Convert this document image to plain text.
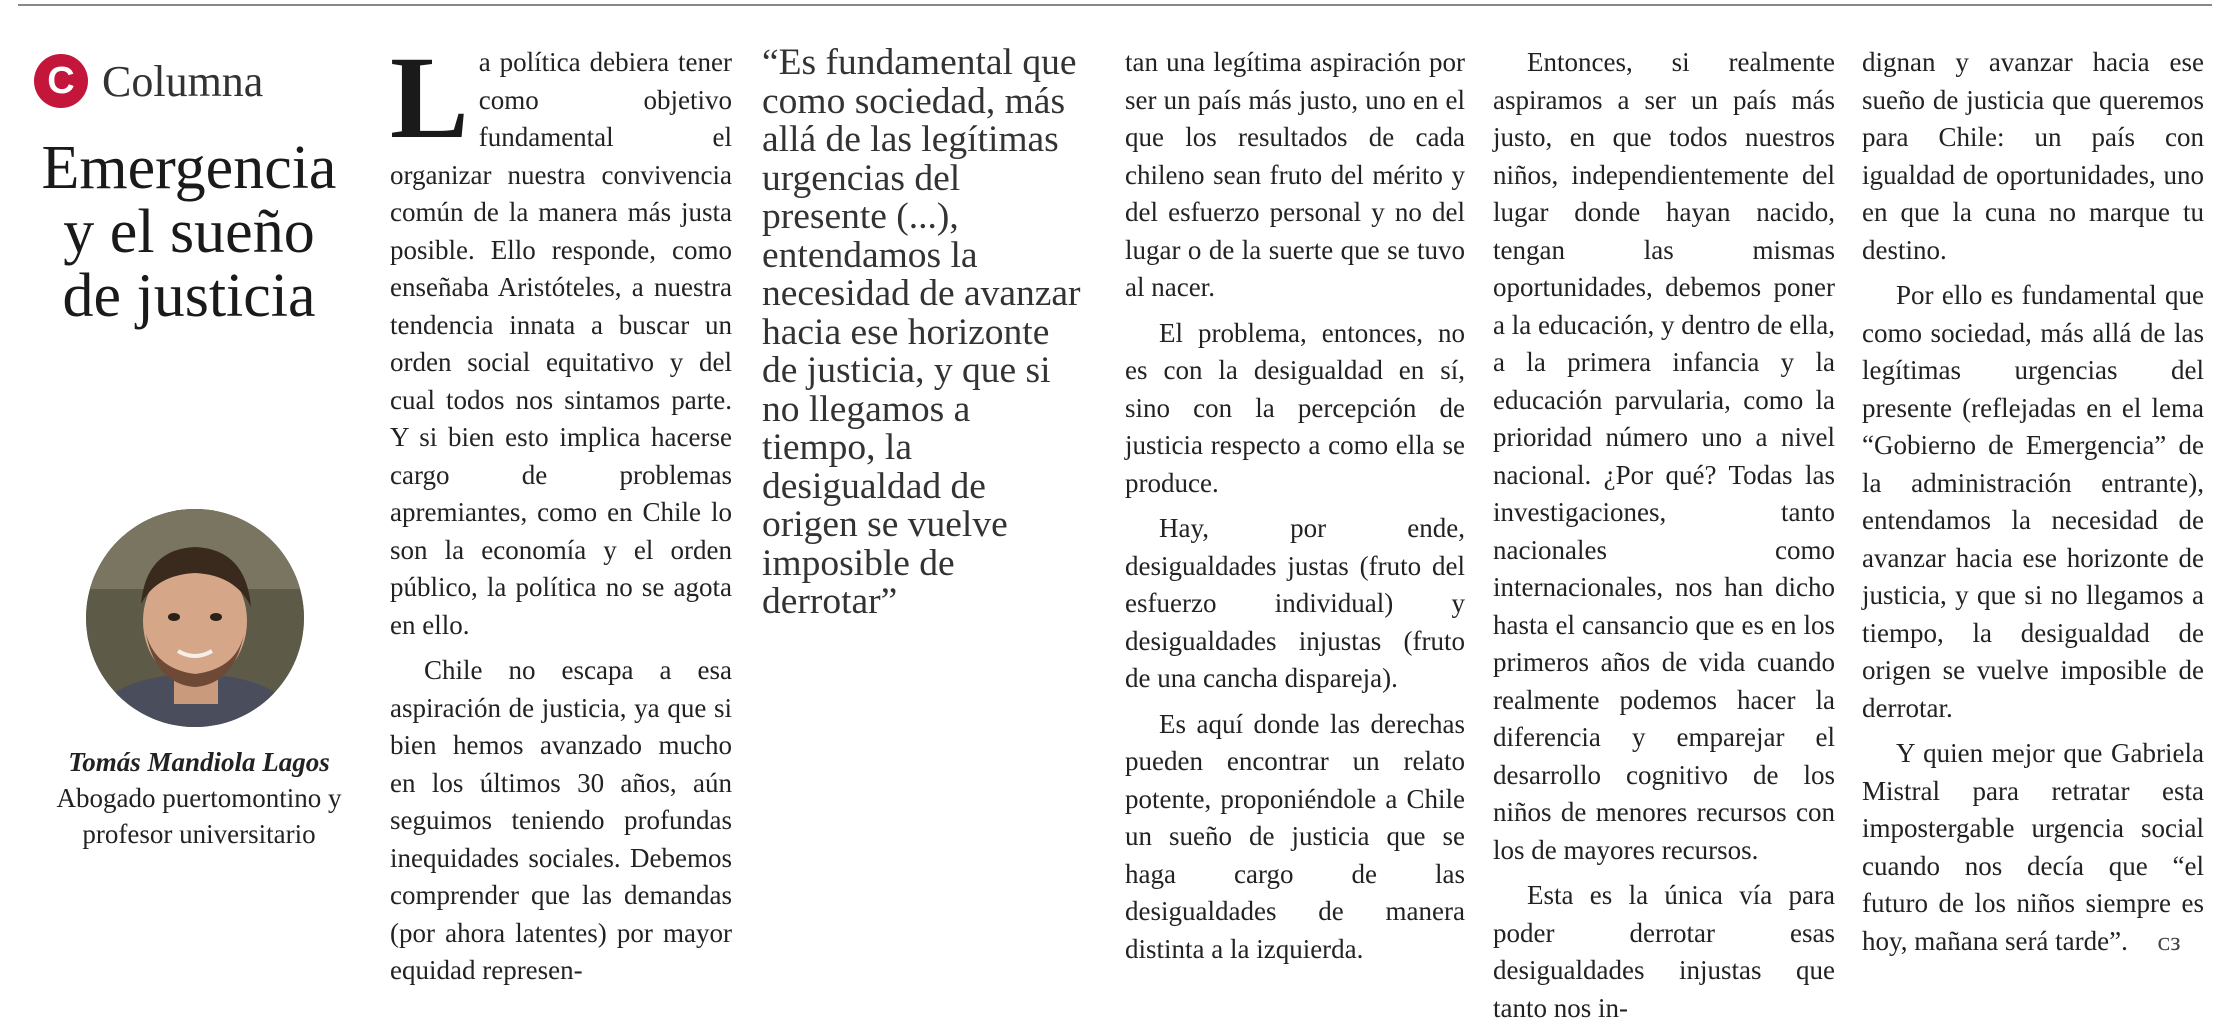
C Columna
Emergencia y el sueño de justicia
Tomás Mandiola Lagos
Abogado puertomontino y profesor universitario

La política debiera tener como objetivo fundamental el organizar nuestra convivencia común de la manera más justa posible. Ello responde, como enseñaba Aristóteles, a nuestra tendencia innata a buscar un orden social equitativo y del cual todos nos sintamos parte. Y si bien esto implica hacerse cargo de problemas apremiantes, como en Chile lo son la economía y el orden público, la política no se agota en ello.

Chile no escapa a esa aspiración de justicia, ya que si bien hemos avanzado mucho en los últimos 30 años, aún seguimos teniendo profundas inequidades sociales. Debemos comprender que las demandas (por ahora latentes) por mayor equidad represen-

“Es fundamental que como sociedad, más allá de las legítimas urgencias del presente (...), entendamos la necesidad de avanzar hacia ese horizonte de justicia, y que si no llegamos a tiempo, la desigualdad de origen se vuelve imposible de derrotar”

tan una legítima aspiración por ser un país más justo, uno en el que los resultados de cada chileno sean fruto del mérito y del esfuerzo personal y no del lugar o de la suerte que se tuvo al nacer.

El problema, entonces, no es con la desigualdad en sí, sino con la percepción de justicia respecto a como ella se produce.

Hay, por ende, desigualdades justas (fruto del esfuerzo individual) y desigualdades injustas (fruto de una cancha dispareja).

Es aquí donde las derechas pueden encontrar un relato potente, proponiéndole a Chile un sueño de justicia que se haga cargo de las desigualdades de manera distinta a la izquierda.

Entonces, si realmente aspiramos a ser un país más justo, en que todos nuestros niños, independientemente del lugar donde hayan nacido, tengan las mismas oportunidades, debemos poner a la educación, y dentro de ella, a la primera infancia y la educación parvularia, como la prioridad número uno a nivel nacional. ¿Por qué? Todas las investigaciones, tanto nacionales como internacionales, nos han dicho hasta el cansancio que es en los primeros años de vida cuando realmente podemos hacer la diferencia y emparejar el desarrollo cognitivo de los niños de menores recursos con los de mayores recursos.

Esta es la única vía para poder derrotar esas desigualdades injustas que tanto nos in-

dignan y avanzar hacia ese sueño de justicia que queremos para Chile: un país con igualdad de oportunidades, uno en que la cuna no marque tu destino.

Por ello es fundamental que como sociedad, más allá de las legítimas urgencias del presente (reflejadas en el lema “Gobierno de Emergencia” de la administración entrante), entendamos la necesidad de avanzar hacia ese horizonte de justicia, y que si no llegamos a tiempo, la desigualdad de origen se vuelve imposible de derrotar.

Y quien mejor que Gabriela Mistral para retratar esta impostergable urgencia social cuando nos decía que “el futuro de los niños siempre es hoy, mañana será tarde”. ᴄᴈ
